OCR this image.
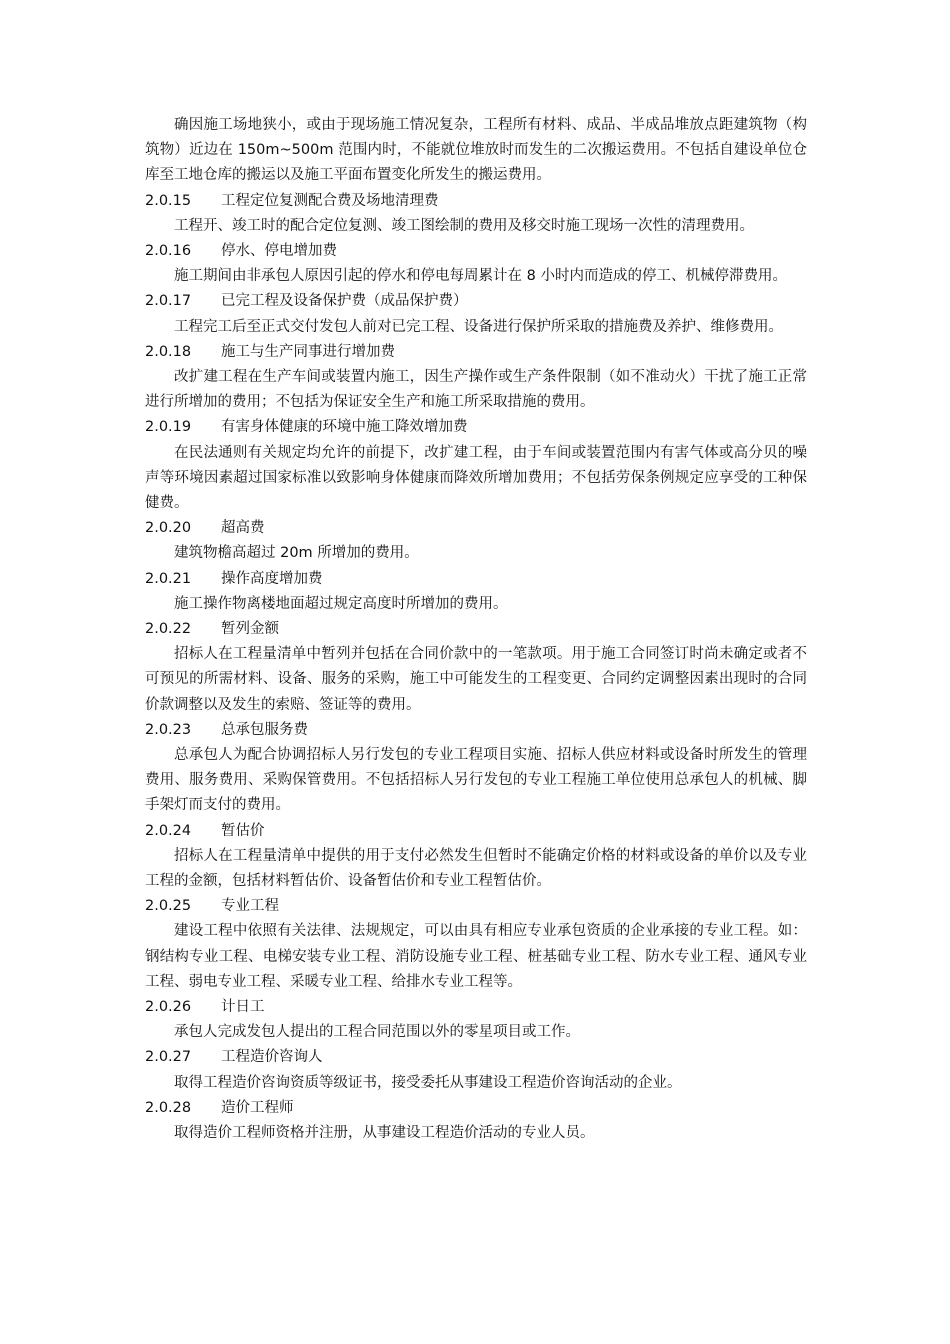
确因施工场地狭小，或由于现场施工情况复杂，工程所有材料、成品、半成品堆放点距建筑物（构筑物）近边在 150m~500m 范围内时，不能就位堆放时而发生的二次搬运费用。不包括自建设单位仓库至工地仓库的搬运以及施工平面布置变化所发生的搬运费用。

2.0.15	工程定位复测配合费及场地清理费

工程开、竣工时的配合定位复测、竣工图绘制的费用及移交时施工现场一次性的清理费用。

2.0.16	停水、停电增加费

施工期间由非承包人原因引起的停水和停电每周累计在 8 小时内而造成的停工、机械停滞费用。

2.0.17	已完工程及设备保护费（成品保护费）

工程完工后至正式交付发包人前对已完工程、设备进行保护所采取的措施费及养护、维修费用。

2.0.18	施工与生产同事进行增加费

改扩建工程在生产车间或装置内施工，因生产操作或生产条件限制（如不准动火）干扰了施工正常进行所增加的费用；不包括为保证安全生产和施工所采取措施的费用。

2.0.19	有害身体健康的环境中施工降效增加费

在民法通则有关规定均允许的前提下，改扩建工程，由于车间或装置范围内有害气体或高分贝的噪声等环境因素超过国家标准以致影响身体健康而降效所增加费用；不包括劳保条例规定应享受的工种保健费。

2.0.20	超高费

建筑物檐高超过 20m 所增加的费用。

2.0.21	操作高度增加费

施工操作物离楼地面超过规定高度时所增加的费用。

2.0.22	暂列金额

招标人在工程量清单中暂列并包括在合同价款中的一笔款项。用于施工合同签订时尚未确定或者不可预见的所需材料、设备、服务的采购，施工中可能发生的工程变更、合同约定调整因素出现时的合同价款调整以及发生的索赔、签证等的费用。

2.0.23	总承包服务费

总承包人为配合协调招标人另行发包的专业工程项目实施、招标人供应材料或设备时所发生的管理费用、服务费用、采购保管费用。不包括招标人另行发包的专业工程施工单位使用总承包人的机械、脚手架灯而支付的费用。

2.0.24	暂估价

招标人在工程量清单中提供的用于支付必然发生但暂时不能确定价格的材料或设备的单价以及专业工程的金额，包括材料暂估价、设备暂估价和专业工程暂估价。

2.0.25	专业工程

建设工程中依照有关法律、法规规定，可以由具有相应专业承包资质的企业承接的专业工程。如：钢结构专业工程、电梯安装专业工程、消防设施专业工程、桩基础专业工程、防水专业工程、通风专业工程、弱电专业工程、采暖专业工程、给排水专业工程等。

2.0.26	计日工

承包人完成发包人提出的工程合同范围以外的零星项目或工作。

2.0.27	工程造价咨询人

取得工程造价咨询资质等级证书，接受委托从事建设工程造价咨询活动的企业。

2.0.28	造价工程师

取得造价工程师资格并注册，从事建设工程造价活动的专业人员。
